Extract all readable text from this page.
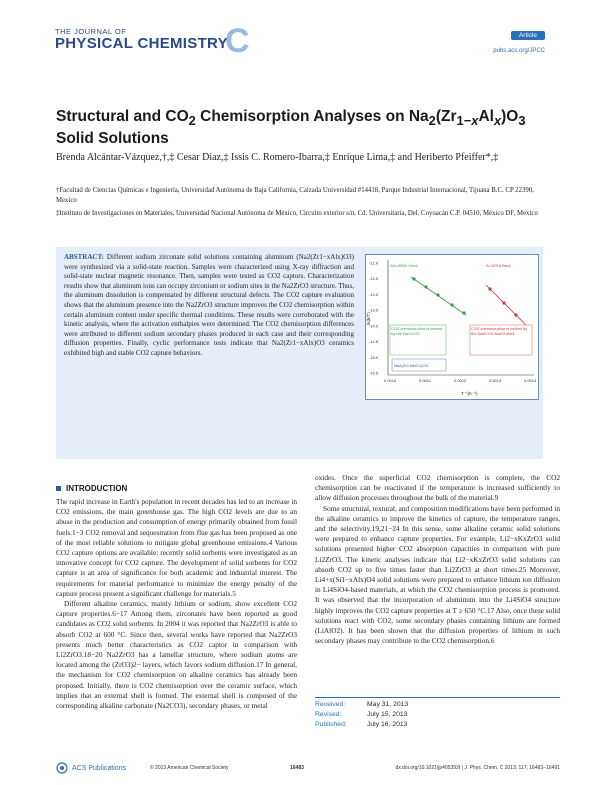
THE JOURNAL OF
PHYSICAL CHEMISTRY
C	Article
pubs.acs.org/JPCC
Structural and $CO_2$ Chemisorption Analyses on $Na_2(Zr_{1-x}Al_x)O_3$ Solid Solutions
Brenda Alcántar-Vázquez,†,‡ Cesar Diaz,‡ Issis C. Romero-Ibarra,‡ Enrique Lima,‡ and Heriberto Pfeiffer*,‡
†Facultad de Ciencias Químicas e Ingeniería, Universidad Autónoma de Baja California, Calzada Universidad #14418, Parque Industrial Internacional, Tijuana B.C. CP 22390, Mexico
‡Instituto de Investigaciones en Materiales, Universidad Nacional Autónoma de México, Circuito exterior s/n, Cd. Universitaria, Del. Coyoacán C.P. 04510, México DF, Mexico
ABSTRACT: Different sodium zirconate solid solutions containing aluminum (Na2(Zr1−xAlx)O3) were synthesized via a solid-state reaction. Samples were characterized using X-ray diffraction and solid-state nuclear magnetic resonance. Then, samples were tested as CO2 captors. Characterization results show that aluminum ions can occupy zirconium or sodium sites in the Na2ZrO3 structure. Thus, the aluminum dissolution is compensated by different structural defects. The CO2 capture evaluation shows that the aluminum presence into the Na2ZrO3 structure improves the CO2 chemisorption within certain aluminum content under specific thermal conditions. These results were corroborated with the kinetic analysis, where the activation enthalpies were determined. The CO2 chemisorption differences were attributed to different sodium secondary phases produced in each case and their corresponding diffusion properties. Finally, cyclic performance tests indicate that Na2(Zr1−xAlx)O3 ceramics exhibited high and stable CO2 capture behaviors.
-12.0
-12.5
-13.0
-13.5
-14.0
-14.5
-15.0
-15.5
0.0010	0.0011	0.0012	0.0013	0.0014
Na2(Zr0.9Al0.1)O3
ΔH=9050 J/mol	Δ=129 kJ/mol
CO2 chemisorption is limited by the Na2ZrO3
CO2 chemisorption is limited by the Na2CO3-Na2O shell
T⁻¹(K⁻¹)
ln(k/T)
INTRODUCTION

The rapid increase in Earth's population in recent decades has led to an increase in CO2 emissions, the main greenhouse gas. The high CO2 levels are due to an abuse in the production and consumption of energy primarily obtained from fossil fuels.1−3 CO2 removal and sequestration from flue gas has been proposed as one of the most reliable solutions to mitigate global greenhouse emissions.4 Various CO2 capture options are available: recently solid sorbents were investigated as an innovative concept for CO2 capture. The development of solid sorbents for CO2 capture is an area of significance for both academic and industrial interest. The requirements for material performance to minimize the energy penalty of the capture process present a significant challenge for materials.5

Different alkaline ceramics, mainly lithium or sodium, show excellent CO2 capture properties.6−17 Among them, zirconates have been reported as good candidates as CO2 solid sorbents. In 2004 it was reported that Na2ZrO3 is able to absorb CO2 at 600 °C. Since then, several works have reported that Na2ZrO3 presents much better characteristics as CO2 captor in comparison with Li2ZrO3.18−20 Na2ZrO3 has a lamellar structure, where sodium atoms are located among the (ZrO3)2− layers, which favors sodium diffusion.17 In general, the mechanism for CO2 chemisorption on alkaline ceramics has already been proposed. Initially, there is CO2 chemisorption over the ceramic surface, which implies that an external shell is formed. The external shell is composed of the corresponding alkaline carbonate (Na2CO3), secondary phases, or metal

oxides. Once the superficial CO2 chemisorption is complete, the CO2 chemisorption can be reactivated if the temperature is increased sufficiently to allow diffusion processes throughout the bulk of the material.9

Some structural, textural, and composition modifications have been performed in the alkaline ceramics to improve the kinetics of capture, the temperature ranges, and the selectivity.19,21−24 In this sense, some alkaline ceramic solid solutions were prepared to enhance capture properties. For example, Li2−xKxZrO3 solid solutions presented higher CO2 absorption capacities in comparison with pure Li2ZrO3. The kinetic analyses indicate that Li2−xKxZrO3 solid solutions can absorb CO2 up to five times faster than Li2ZrO3 at short times.25 Moreover, Li4+x(Si1−xAlx)O4 solid solutions were prepared to enhance lithium ion diffusion in Li4SiO4-based materials, at which the CO2 chemisorption process is promoted. It was observed that the incorporation of aluminum into the Li4SiO4 structure highly improves the CO2 capture properties at T ≥ 650 °C.17 Also, once these solid solutions react with CO2, some secondary phases containing lithium are formed (LiAlO2). It has been shown that the diffusion properties of lithium in such secondary phases may contribute to the CO2 chemisorption.6

Received:	May 31, 2013
Revised:	July 15, 2013
Published:	July 16, 2013
ACS Publications	© 2013 American Chemical Society	16483	dx.doi.org/10.1021/jp405392t | J. Phys. Chem. C 2013, 117, 16483−16491
